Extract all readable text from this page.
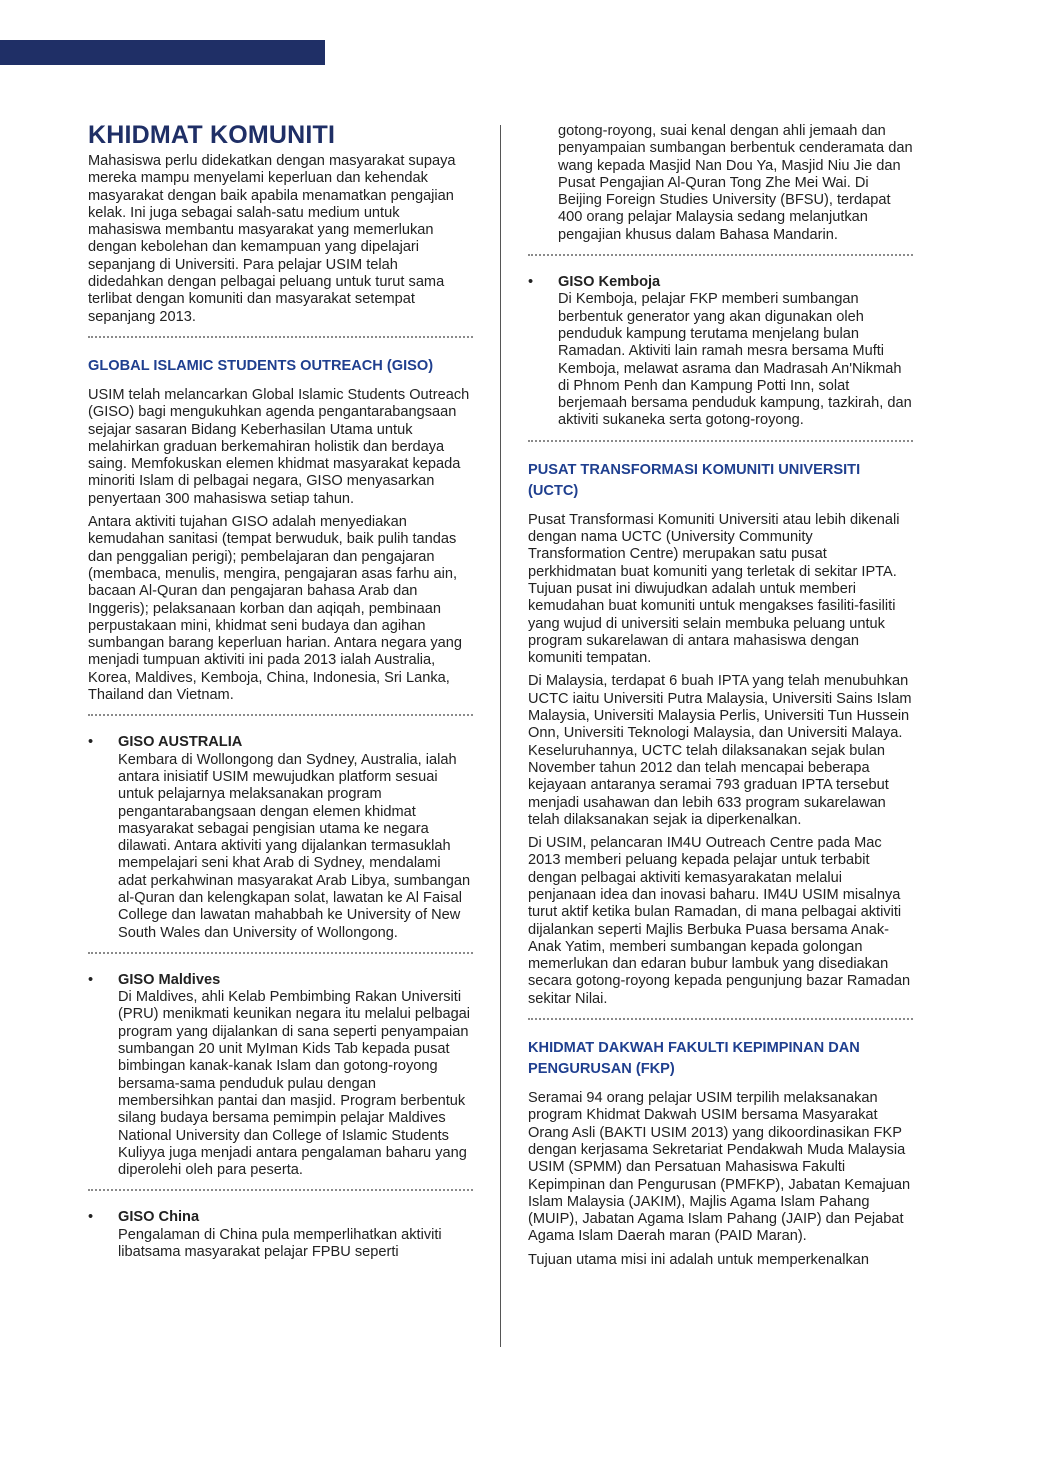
KHIDMAT KOMUNITI

Mahasiswa perlu didekatkan dengan masyarakat supaya mereka mampu menyelami keperluan dan kehendak masyarakat dengan baik apabila menamatkan pengajian kelak. Ini juga sebagai salah-satu medium untuk mahasiswa membantu masyarakat yang memerlukan dengan kebolehan dan kemampuan yang dipelajari sepanjang di Universiti. Para pelajar USIM telah didedahkan dengan pelbagai peluang untuk turut sama terlibat dengan komuniti dan masyarakat setempat sepanjang 2013.

GLOBAL ISLAMIC STUDENTS OUTREACH (GISO)

USIM telah melancarkan Global Islamic Students Outreach (GISO) bagi mengukuhkan agenda pengantarabangsaan sejajar sasaran Bidang Keberhasilan Utama untuk melahirkan graduan berkemahiran holistik dan berdaya saing. Memfokuskan elemen khidmat masyarakat kepada minoriti Islam di pelbagai negara, GISO menyasarkan penyertaan 300 mahasiswa setiap tahun.

Antara aktiviti tujahan GISO adalah menyediakan kemudahan sanitasi (tempat berwuduk, baik pulih tandas dan penggalian perigi); pembelajaran dan pengajaran (membaca, menulis, mengira, pengajaran asas farhu ain, bacaan Al-Quran dan pengajaran bahasa Arab dan Inggeris); pelaksanaan korban dan aqiqah, pembinaan perpustakaan mini, khidmat seni budaya dan agihan sumbangan barang keperluan harian. Antara negara yang menjadi tumpuan aktiviti ini pada 2013 ialah Australia, Korea, Maldives, Kemboja, China, Indonesia, Sri Lanka, Thailand dan Vietnam.

• GISO AUSTRALIA

Kembara di Wollongong dan Sydney, Australia, ialah antara inisiatif USIM mewujudkan platform sesuai untuk pelajarnya melaksanakan program pengantarabangsaan dengan elemen khidmat masyarakat sebagai pengisian utama ke negara dilawati. Antara aktiviti yang dijalankan termasuklah mempelajari seni khat Arab di Sydney, mendalami adat perkahwinan masyarakat Arab Libya, sumbangan al-Quran dan kelengkapan solat, lawatan ke Al Faisal College dan lawatan mahabbah ke University of New South Wales dan University of Wollongong.

• GISO Maldives

Di Maldives, ahli Kelab Pembimbing Rakan Universiti (PRU) menikmati keunikan negara itu melalui pelbagai program yang dijalankan di sana seperti penyampaian sumbangan 20 unit MyIman Kids Tab kepada pusat bimbingan kanak-kanak Islam dan gotong-royong bersama-sama penduduk pulau dengan membersihkan pantai dan masjid. Program berbentuk silang budaya bersama pemimpin pelajar Maldives National University dan College of Islamic Students Kuliyya juga menjadi antara pengalaman baharu yang diperolehi oleh para peserta.

• GISO China

Pengalaman di China pula memperlihatkan aktiviti libatsama masyarakat pelajar FPBU seperti

gotong-royong, suai kenal dengan ahli jemaah dan penyampaian sumbangan berbentuk cenderamata dan wang kepada Masjid Nan Dou Ya, Masjid Niu Jie dan Pusat Pengajian Al-Quran Tong Zhe Mei Wai. Di Beijing Foreign Studies University (BFSU), terdapat 400 orang pelajar Malaysia sedang melanjutkan pengajian khusus dalam Bahasa Mandarin.

• GISO Kemboja

Di Kemboja, pelajar FKP memberi sumbangan berbentuk generator yang akan digunakan oleh penduduk kampung terutama menjelang bulan Ramadan. Aktiviti lain ramah mesra bersama Mufti Kemboja, melawat asrama dan Madrasah An'Nikmah di Phnom Penh dan Kampung Potti Inn, solat berjemaah bersama penduduk kampung, tazkirah, dan aktiviti sukaneka serta gotong-royong.

PUSAT TRANSFORMASI KOMUNITI UNIVERSITI (UCTC)

Pusat Transformasi Komuniti Universiti atau lebih dikenali dengan nama UCTC (University Community Transformation Centre) merupakan satu pusat perkhidmatan buat komuniti yang terletak di sekitar IPTA. Tujuan pusat ini diwujudkan adalah untuk memberi kemudahan buat komuniti untuk mengakses fasiliti-fasiliti yang wujud di universiti selain membuka peluang untuk program sukarelawan di antara mahasiswa dengan komuniti tempatan.

Di Malaysia, terdapat 6 buah IPTA yang telah menubuhkan UCTC iaitu Universiti Putra Malaysia, Universiti Sains Islam Malaysia, Universiti Malaysia Perlis, Universiti Tun Hussein Onn, Universiti Teknologi Malaysia, dan Universiti Malaya. Keseluruhannya, UCTC telah dilaksanakan sejak bulan November tahun 2012 dan telah mencapai beberapa kejayaan antaranya seramai 793 graduan IPTA tersebut menjadi usahawan dan lebih 633 program sukarelawan telah dilaksanakan sejak ia diperkenalkan.

Di USIM, pelancaran IM4U Outreach Centre pada Mac 2013 memberi peluang kepada pelajar untuk terbabit dengan pelbagai aktiviti kemasyarakatan melalui penjanaan idea dan inovasi baharu. IM4U USIM misalnya turut aktif ketika bulan Ramadan, di mana pelbagai aktiviti dijalankan seperti Majlis Berbuka Puasa bersama Anak-Anak Yatim, memberi sumbangan kepada golongan memerlukan dan edaran bubur lambuk yang disediakan secara gotong-royong kepada pengunjung bazar Ramadan sekitar Nilai.

KHIDMAT DAKWAH FAKULTI KEPIMPINAN DAN PENGURUSAN (FKP)

Seramai 94 orang pelajar USIM terpilih melaksanakan program Khidmat Dakwah USIM bersama Masyarakat Orang Asli (BAKTI USIM 2013) yang dikoordinasikan FKP dengan kerjasama Sekretariat Pendakwah Muda Malaysia USIM (SPMM) dan Persatuan Mahasiswa Fakulti Kepimpinan dan Pengurusan (PMFKP), Jabatan Kemajuan Islam Malaysia (JAKIM), Majlis Agama Islam Pahang (MUIP), Jabatan Agama Islam Pahang (JAIP) dan Pejabat Agama Islam Daerah maran (PAID Maran).

Tujuan utama misi ini adalah untuk memperkenalkan
